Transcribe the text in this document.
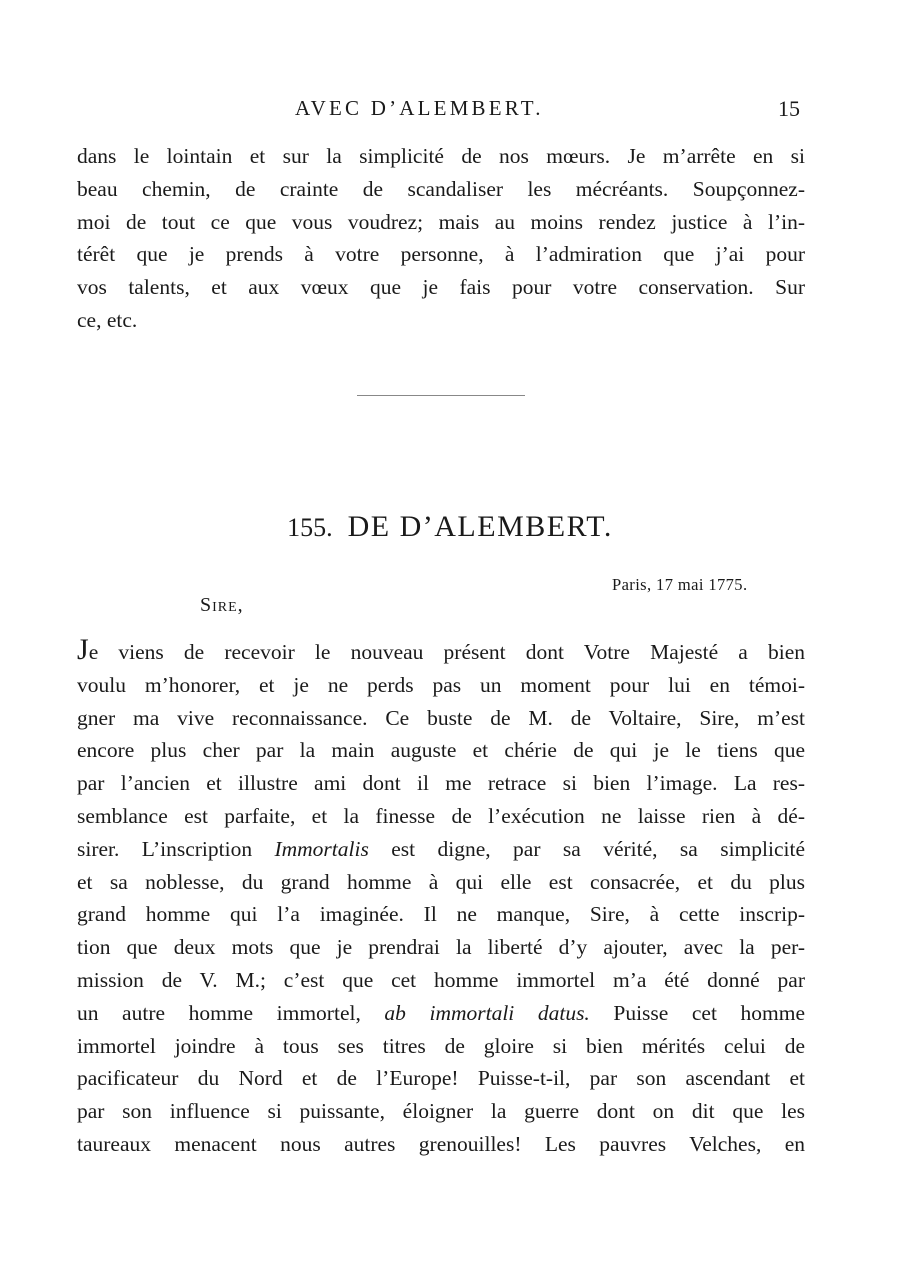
AVEC D’ALEMBERT.	15
dans le lointain et sur la simplicité de nos mœurs. Je m’arrête en si
beau chemin, de crainte de scandaliser les mécréants. Soupçonnez-
moi de tout ce que vous voudrez; mais au moins rendez justice à l’in-
térêt que je prends à votre personne, à l’admiration que j’ai pour
vos talents, et aux vœux que je fais pour votre conservation. Sur
ce, etc.
155. DE D’ALEMBERT.
Paris, 17 mai 1775.
Sire,
Je viens de recevoir le nouveau présent dont Votre Majesté a bien
voulu m’honorer, et je ne perds pas un moment pour lui en témoi-
gner ma vive reconnaissance. Ce buste de M. de Voltaire, Sire, m’est
encore plus cher par la main auguste et chérie de qui je le tiens que
par l’ancien et illustre ami dont il me retrace si bien l’image. La res-
semblance est parfaite, et la finesse de l’exécution ne laisse rien à dé-
sirer. L’inscription Immortalis est digne, par sa vérité, sa simplicité
et sa noblesse, du grand homme à qui elle est consacrée, et du plus
grand homme qui l’a imaginée. Il ne manque, Sire, à cette inscrip-
tion que deux mots que je prendrai la liberté d’y ajouter, avec la per-
mission de V. M.; c’est que cet homme immortel m’a été donné par
un autre homme immortel, ab immortali datus. Puisse cet homme
immortel joindre à tous ses titres de gloire si bien mérités celui de
pacificateur du Nord et de l’Europe! Puisse-t-il, par son ascendant et
par son influence si puissante, éloigner la guerre dont on dit que les
taureaux menacent nous autres grenouilles! Les pauvres Velches, en
